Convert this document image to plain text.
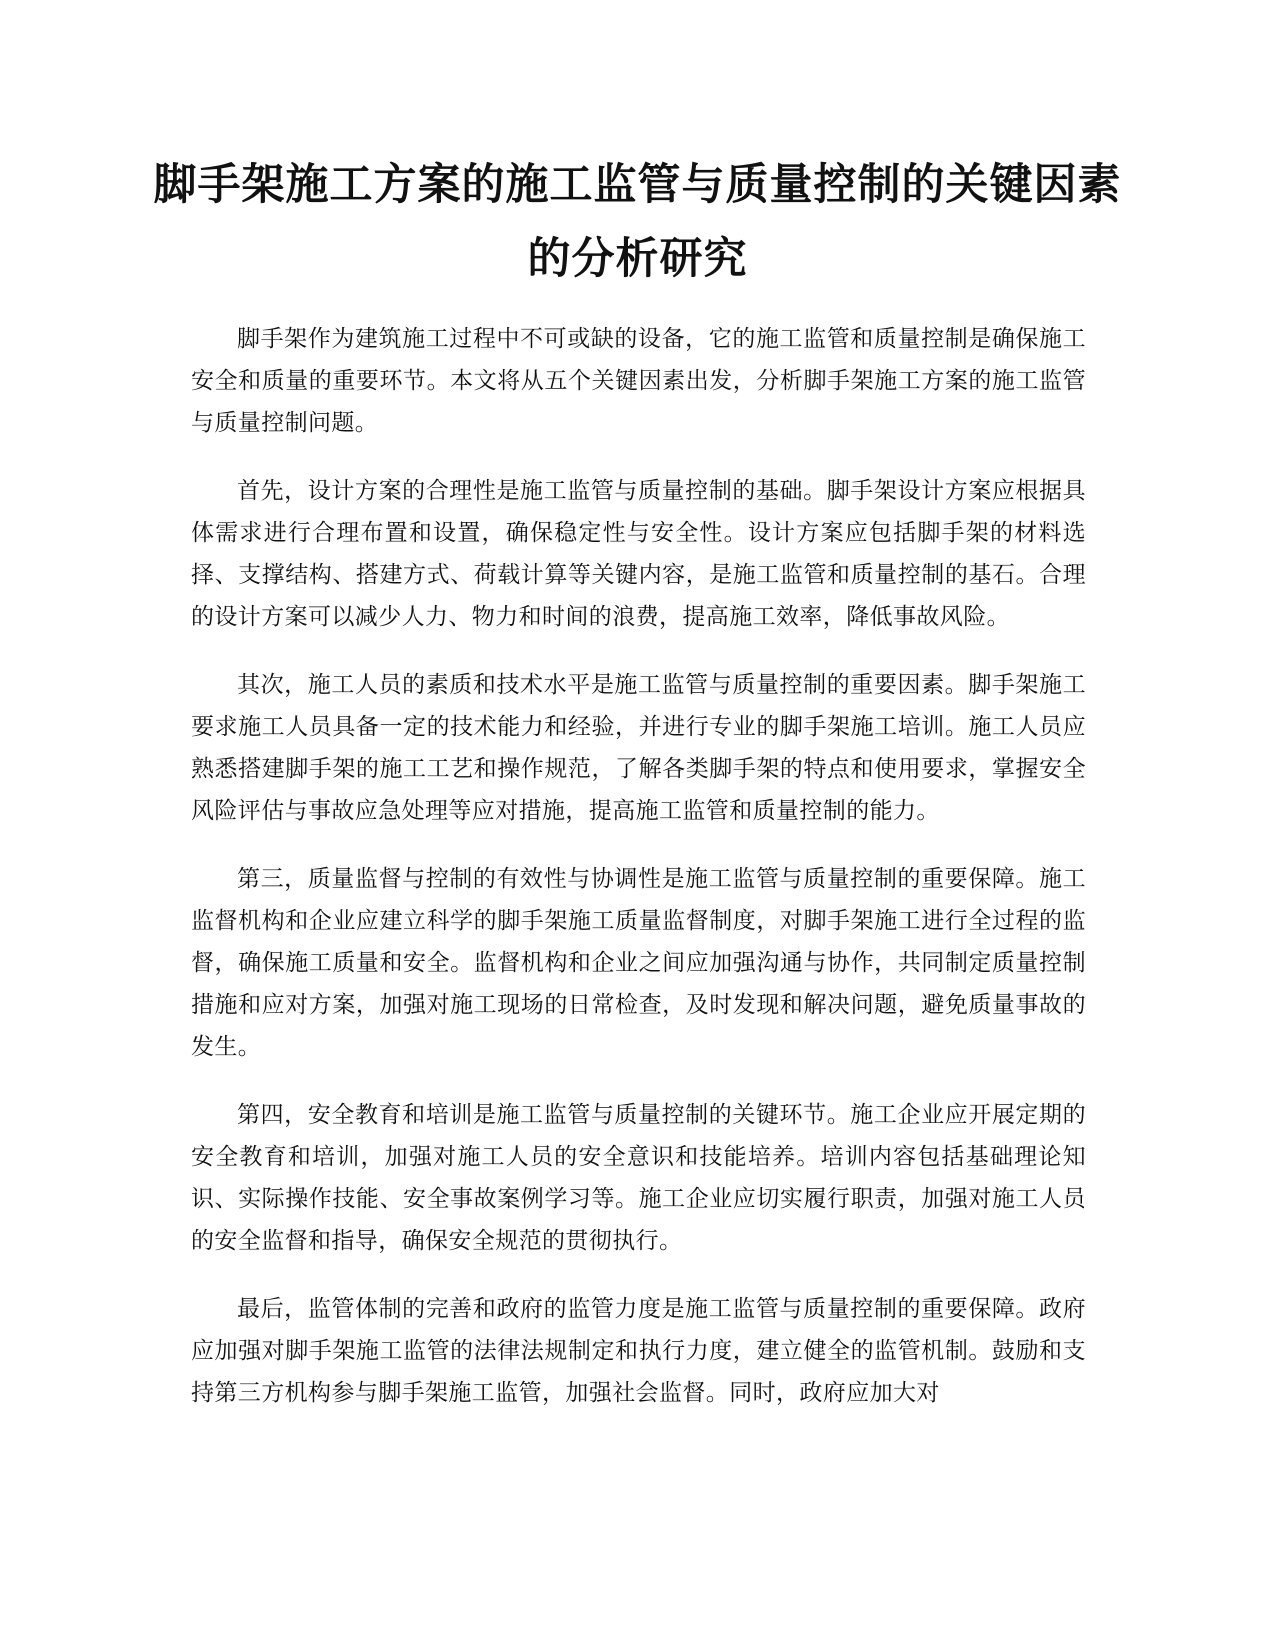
脚手架施工方案的施工监管与质量控制的关键因素的分析研究

脚手架作为建筑施工过程中不可或缺的设备，它的施工监管和质量控制是确保施工安全和质量的重要环节。本文将从五个关键因素出发，分析脚手架施工方案的施工监管与质量控制问题。

首先，设计方案的合理性是施工监管与质量控制的基础。脚手架设计方案应根据具体需求进行合理布置和设置，确保稳定性与安全性。设计方案应包括脚手架的材料选择、支撑结构、搭建方式、荷载计算等关键内容，是施工监管和质量控制的基石。合理的设计方案可以减少人力、物力和时间的浪费，提高施工效率，降低事故风险。

其次，施工人员的素质和技术水平是施工监管与质量控制的重要因素。脚手架施工要求施工人员具备一定的技术能力和经验，并进行专业的脚手架施工培训。施工人员应熟悉搭建脚手架的施工工艺和操作规范，了解各类脚手架的特点和使用要求，掌握安全风险评估与事故应急处理等应对措施，提高施工监管和质量控制的能力。

第三，质量监督与控制的有效性与协调性是施工监管与质量控制的重要保障。施工监督机构和企业应建立科学的脚手架施工质量监督制度，对脚手架施工进行全过程的监督，确保施工质量和安全。监督机构和企业之间应加强沟通与协作，共同制定质量控制措施和应对方案，加强对施工现场的日常检查，及时发现和解决问题，避免质量事故的发生。

第四，安全教育和培训是施工监管与质量控制的关键环节。施工企业应开展定期的安全教育和培训，加强对施工人员的安全意识和技能培养。培训内容包括基础理论知识、实际操作技能、安全事故案例学习等。施工企业应切实履行职责，加强对施工人员的安全监督和指导，确保安全规范的贯彻执行。

最后，监管体制的完善和政府的监管力度是施工监管与质量控制的重要保障。政府应加强对脚手架施工监管的法律法规制定和执行力度，建立健全的监管机制。鼓励和支持第三方机构参与脚手架施工监管，加强社会监督。同时，政府应加大对
